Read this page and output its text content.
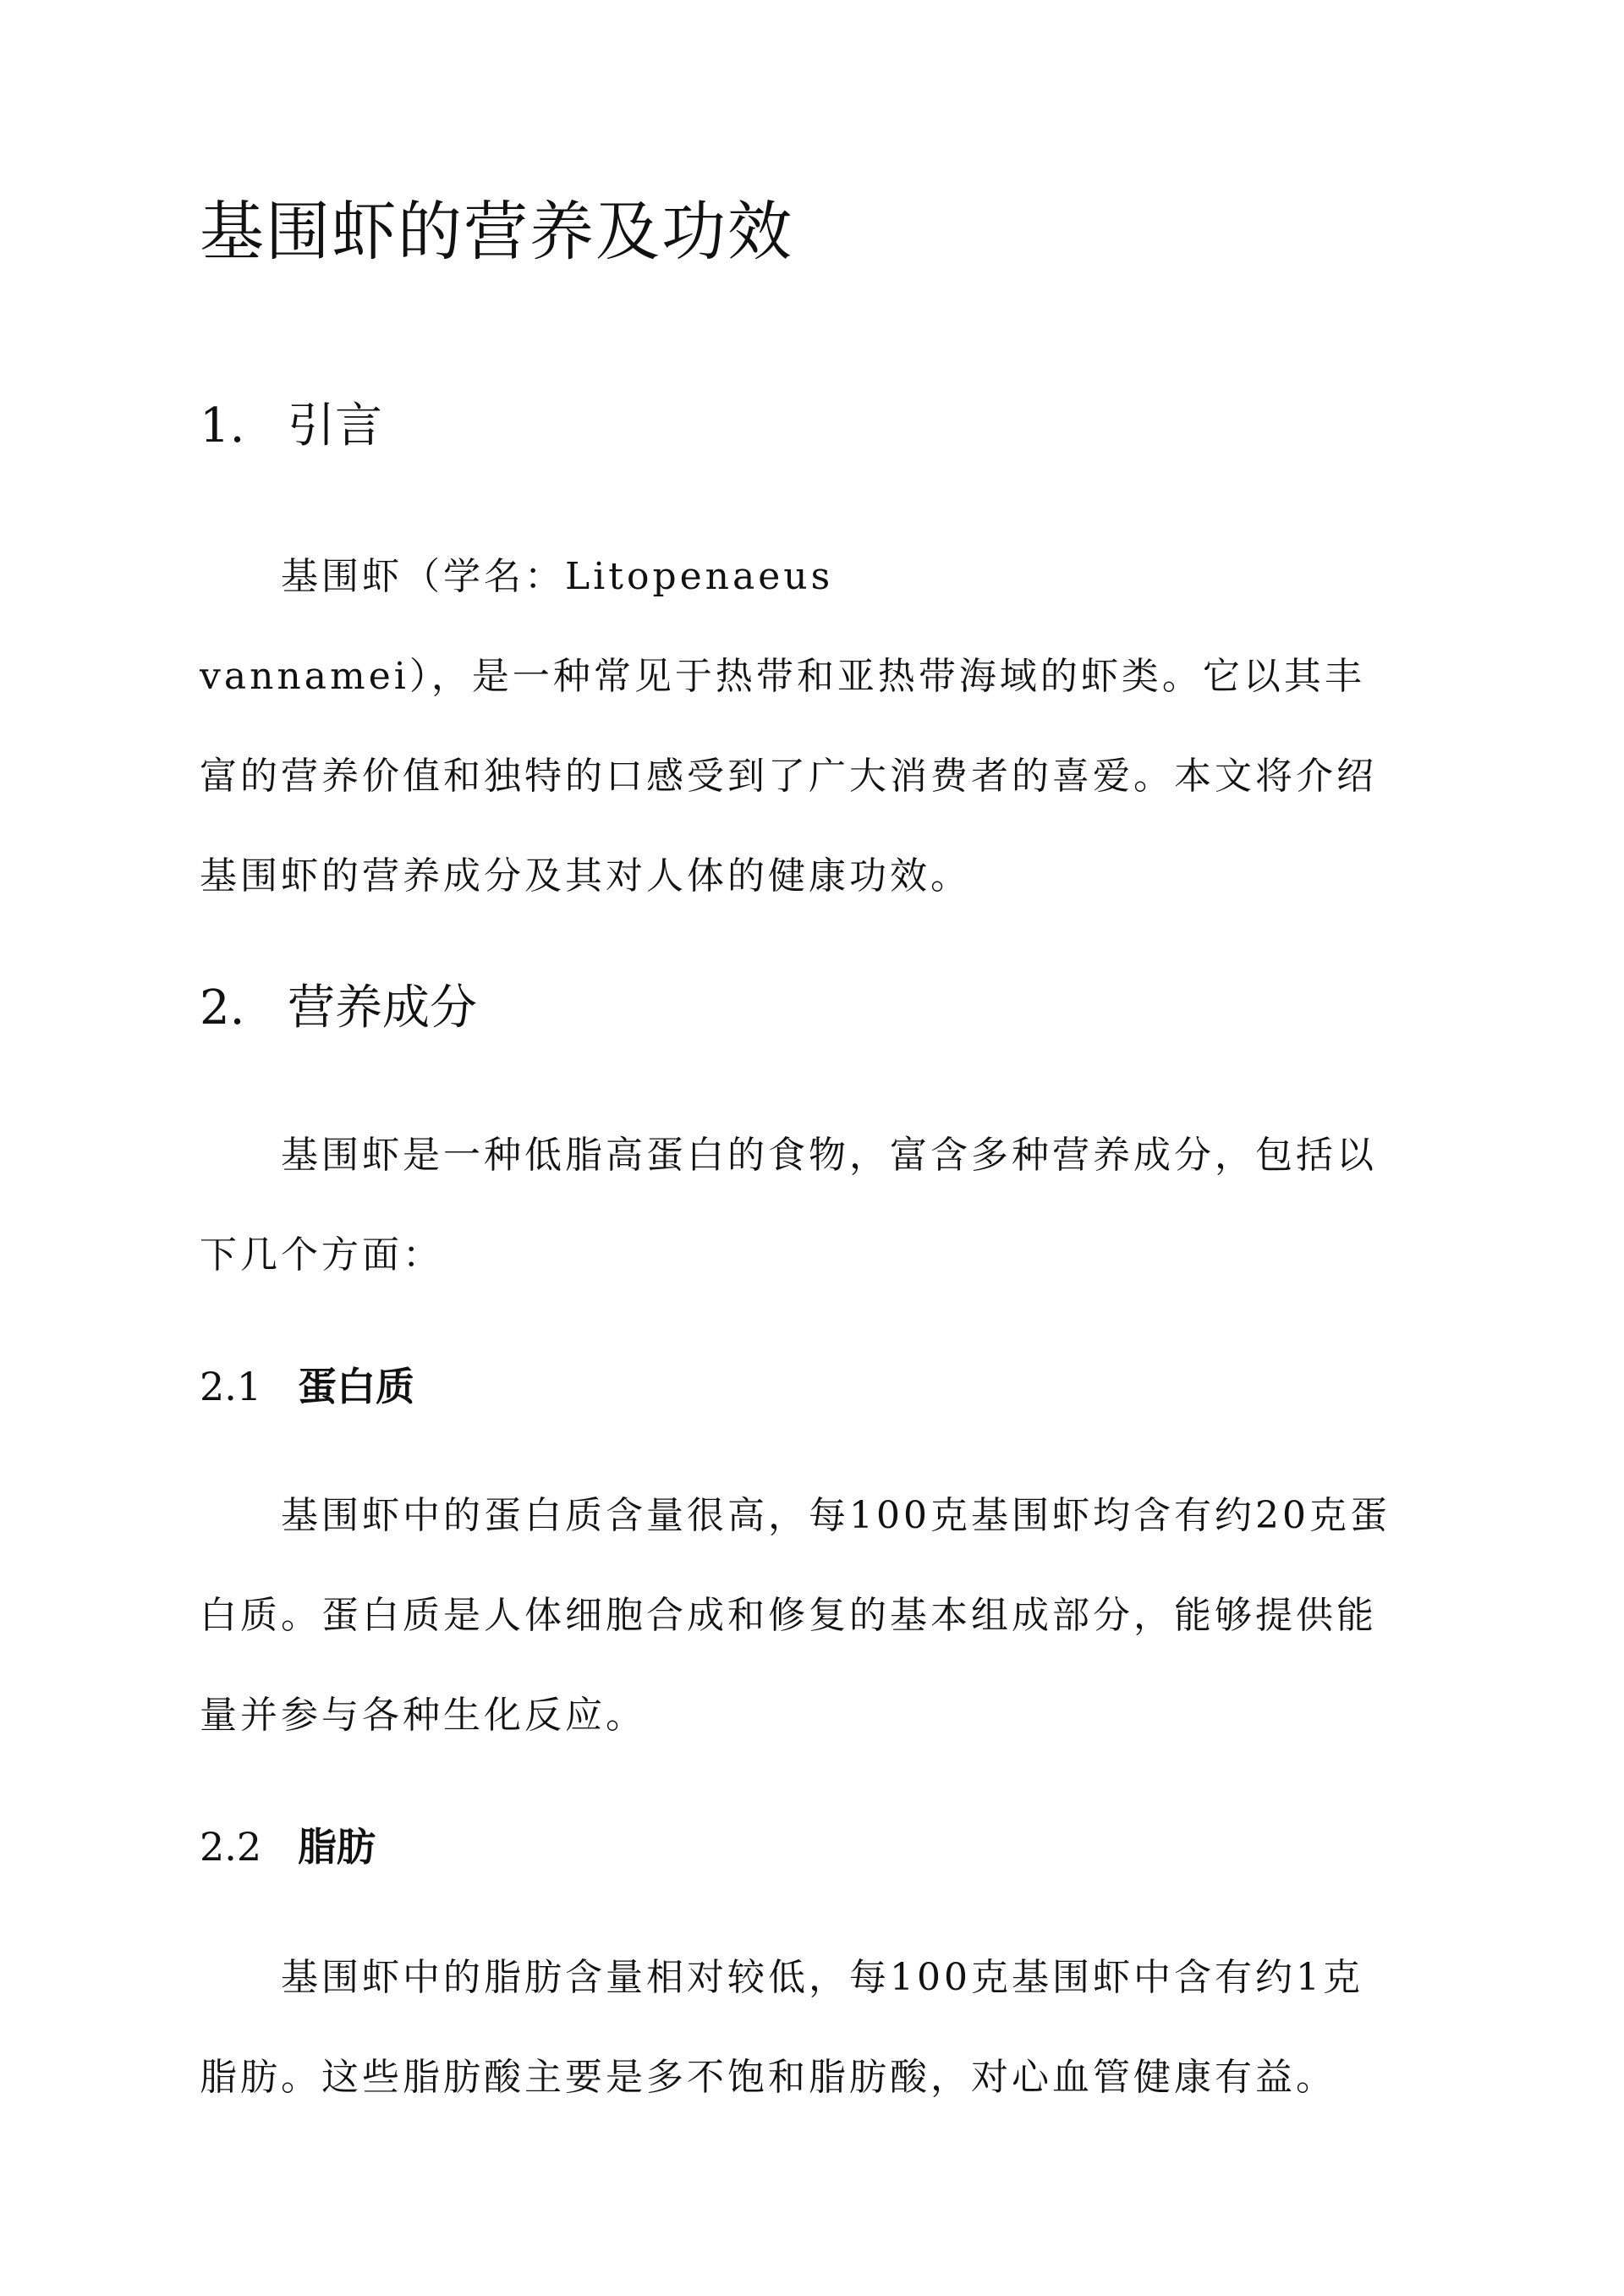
基围虾的营养及功效
1. 引言

基围虾（学名：Litopenaeus

vannamei），是一种常见于热带和亚热带海域的虾类。它以其丰

富的营养价值和独特的口感受到了广大消费者的喜爱。本文将介绍

基围虾的营养成分及其对人体的健康功效。

2. 营养成分

基围虾是一种低脂高蛋白的食物，富含多种营养成分，包括以

下几个方面：

2.1 蛋白质

基围虾中的蛋白质含量很高，每100克基围虾均含有约20克蛋

白质。蛋白质是人体细胞合成和修复的基本组成部分，能够提供能

量并参与各种生化反应。

2.2 脂肪

基围虾中的脂肪含量相对较低，每100克基围虾中含有约1克

脂肪。这些脂肪酸主要是多不饱和脂肪酸，对心血管健康有益。
